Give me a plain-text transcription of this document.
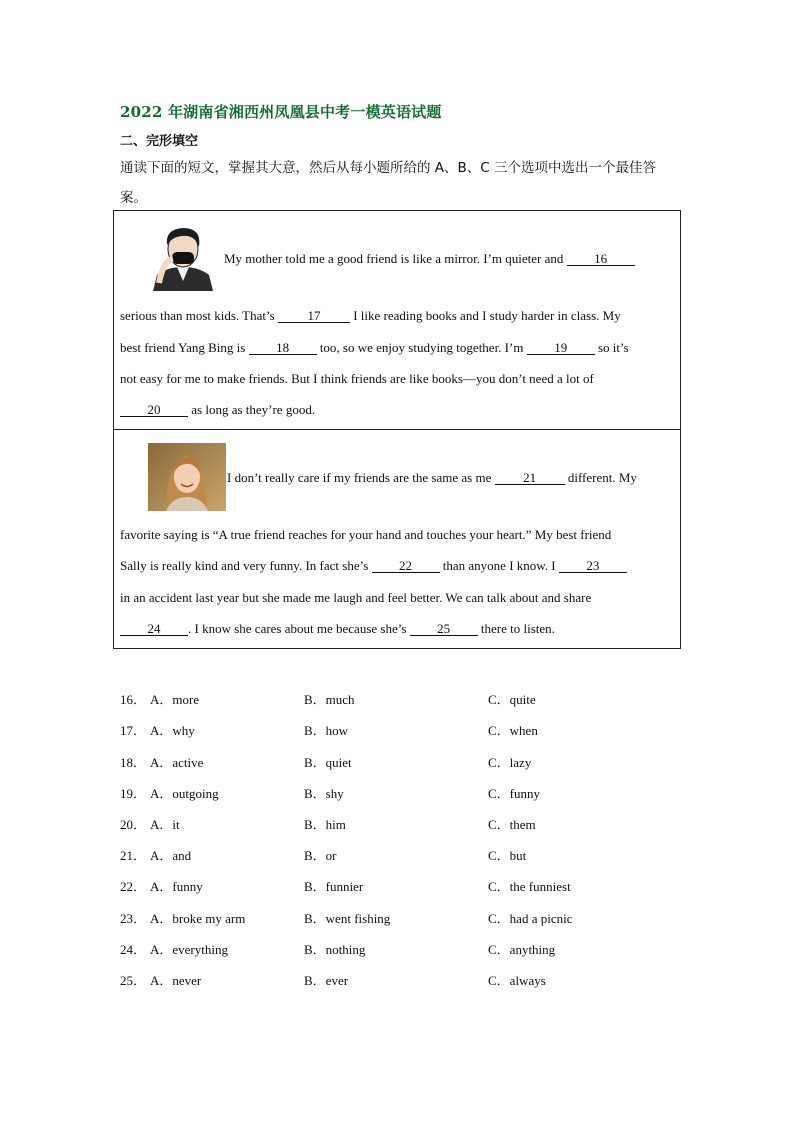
2022 年湖南省湘西州凤凰县中考一模英语试题
二、完形填空
通读下面的短文，掌握其大意，然后从每小题所给的 A、B、C 三个选项中选出一个最佳答案。
My mother told me a good friend is like a mirror. I’m quieter and 16
serious than most kids. That’s	17	I like reading books and I study harder in class. My
best friend Yang Bing is 18 too, so we enjoy studying together. I’m 19 so it’s
not easy for me to make friends. But I think friends are like books—you don’t need a lot of
20 as long as they’re good.
I don’t really care if my friends are the same as me 21 different. My
favorite saying is “A true friend reaches for your hand and touches your heart.” My best friend
Sally is really kind and very funny. In fact she’s 22 than anyone I know. I 23
in an accident last year but she made me laugh and feel better. We can talk about and share
24 . I know she cares about me because she’s 25 there to listen.
16． A．more	B．much	C．quite
17． A．why	B．how	C．when
18． A．active	B．quiet	C．lazy
19． A．outgoing	B．shy	C．funny
20． A．it	B．him	C．them
21． A．and	B．or	C．but
22． A．funny	B．funnier	C．the funniest
23． A．broke my arm	B．went fishing	C．had a picnic
24． A．everything	B．nothing	C．anything
25． A．never	B．ever	C．always
